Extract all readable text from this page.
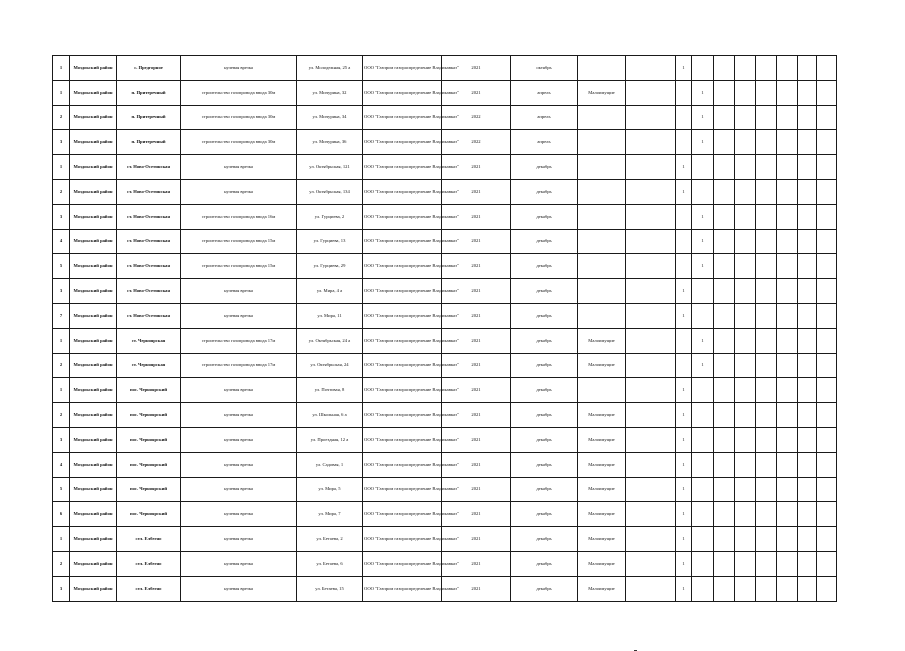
1	Моздокский район	с. Предгорное	нулевая врезка	ул. Молодежная, 25 а	ООО "Газпром газораспределение Владикавказ"	2021	октябрь			1							
1	Моздокский район	п. Притеречный	строительство газопровода ввода 30м	ул. Мичурина, 32	ООО "Газпром газораспределение Владикавказ"	2021	апрель	Малоимущие			1						
2	Моздокский район	п. Притеречный	строительство газопровода ввода 30м	ул. Мичурина, 34	ООО "Газпром газораспределение Владикавказ"	2022	апрель				1						
3	Моздокский район	п. Притеречный	строительство газопровода ввода 30м	ул. Мичурина, 36	ООО "Газпром газораспределение Владикавказ"	2022	апрель				1						
1	Моздокский район	ст. Ново-Осетинская	нулевая врезка	ул. Октябрьская, 121	ООО "Газпром газораспределение Владикавказ"	2021	декабрь			1							
2	Моздокский район	ст. Ново-Осетинская	нулевая врезка	ул. Октябрьская, 134	ООО "Газпром газораспределение Владикавказ"	2021	декабрь			1							
3	Моздокский район	ст. Ново-Осетинская	строительство газопровода ввода 16м	ул. Гурциева, 2	ООО "Газпром газораспределение Владикавказ"	2021	декабрь				1						
4	Моздокский район	ст. Ново-Осетинская	строительство газопровода ввода 15м	ул. Гурциева, 13	ООО "Газпром газораспределение Владикавказ"	2021	декабрь				1						
5	Моздокский район	ст. Ново-Осетинская	строительство газопровода ввода 15м	ул. Гурциева, 29	ООО "Газпром газораспределение Владикавказ"	2021	декабрь				1						
3	Моздокский район	ст. Ново-Осетинская	нулевая врезка	ул. Мира, 4 а	ООО "Газпром газораспределение Владикавказ"	2021	декабрь			1							
7	Моздокский район	ст. Ново-Осетинская	нулевая врезка	ул. Мира, 11	ООО "Газпром газораспределение Владикавказ"	2021	декабрь			1							
1	Моздокский район	ст. Черноярская	строительство газопровода ввода 17м	ул. Октябрьская, 24 а	ООО "Газпром газораспределение Владикавказ"	2021	декабрь	Малоимущие			1						
2	Моздокский район	ст. Черноярская	строительство газопровода ввода 17м	ул. Октябрьская, 24	ООО "Газпром газораспределение Владикавказ"	2021	декабрь	Малоимущие			1						
1	Моздокский район	пос. Черноярский	нулевая врезка	ул. Почтовая, 8	ООО "Газпром газораспределение Владикавказ"	2021	декабрь			1							
2	Моздокский район	пос. Черноярский	нулевая врезка	ул. Школьная, 6 а	ООО "Газпром газораспределение Владикавказ"	2021	декабрь	Малоимущие		1							
3	Моздокский район	пос. Черноярский	нулевая врезка	ул. Проездная, 12 а	ООО "Газпром газораспределение Владикавказ"	2021	декабрь	Малоимущие		1							
4	Моздокский район	пос. Черноярский	нулевая врезка	ул. Садовая, 1	ООО "Газпром газораспределение Владикавказ"	2021	декабрь	Малоимущие		1							
5	Моздокский район	пос. Черноярский	нулевая врезка	ул. Мира, 5	ООО "Газпром газораспределение Владикавказ"	2021	декабрь	Малоимущие		1							
6	Моздокский район	пос. Черноярский	нулевая врезка	ул. Мира, 7	ООО "Газпром газораспределение Владикавказ"	2021	декабрь	Малоимущие		1							
1	Моздокский район	сел. Елбегно	нулевая врезка	ул. Бетаева, 2	ООО "Газпром газораспределение Владикавказ"	2021	декабрь	Малоимущие		1							
2	Моздокский район	сел. Елбегно	нулевая врезка	ул. Бетаева, 6	ООО "Газпром газораспределение Владикавказ"	2021	декабрь	Малоимущие		1							
3	Моздокский район	сел. Елбегно	нулевая врезка	ул. Бетаева, 15	ООО "Газпром газораспределение Владикавказ"	2021	декабрь	Малоимущие		1							
